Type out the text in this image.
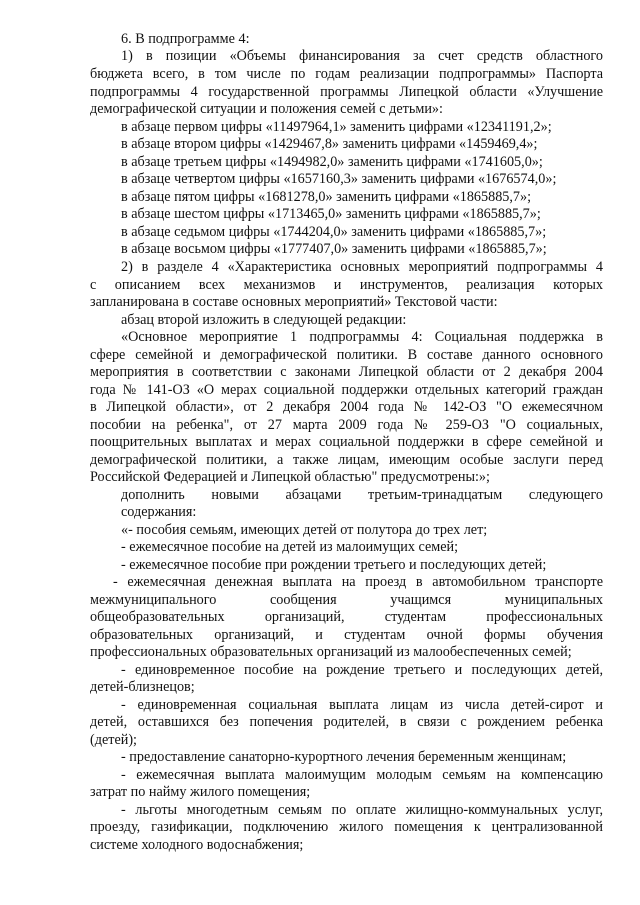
6. В подпрограмме 4:
1) в позиции «Объемы финансирования за счет средств областного
бюджета всего, в том числе по годам реализации подпрограммы» Паспорта
подпрограммы 4 государственной программы Липецкой области «Улучшение
демографической ситуации и положения семей с детьми»:
в абзаце первом цифры «11497964,1» заменить цифрами «12341191,2»;
в абзаце втором цифры «1429467,8» заменить цифрами «1459469,4»;
в абзаце третьем цифры «1494982,0» заменить цифрами «1741605,0»;
в абзаце четвертом цифры «1657160,3» заменить цифрами «1676574,0»;
в абзаце пятом цифры «1681278,0» заменить цифрами «1865885,7»;
в абзаце шестом цифры «1713465,0» заменить цифрами «1865885,7»;
в абзаце седьмом цифры «1744204,0» заменить цифрами «1865885,7»;
в абзаце восьмом цифры «1777407,0» заменить цифрами «1865885,7»;
2) в разделе 4 «Характеристика основных мероприятий подпрограммы 4
с описанием всех механизмов и инструментов, реализация которых
запланирована в составе основных мероприятий» Текстовой части:
абзац второй изложить в следующей редакции:
«Основное мероприятие 1 подпрограммы 4: Социальная поддержка в
сфере семейной и демографической политики. В составе данного основного
мероприятия в соответствии с законами Липецкой области от 2 декабря 2004
года № 141-ОЗ «О мерах социальной поддержки отдельных категорий граждан
в Липецкой области», от 2 декабря 2004 года № 142-ОЗ "О ежемесячном
пособии на ребенка", от 27 марта 2009 года № 259-ОЗ "О социальных,
поощрительных выплатах и мерах социальной поддержки в сфере семейной и
демографической политики, а также лицам, имеющим особые заслуги перед
Российской Федерацией и Липецкой областью" предусмотрены:»;
дополнить новыми абзацами третьим-тринадцатым следующего
содержания:
«- пособия семьям, имеющих детей от полутора до трех лет;
- ежемесячное пособие на детей из малоимущих семей;
- ежемесячное пособие при рождении третьего и последующих детей;
- ежемесячная денежная выплата на проезд в автомобильном транспорте
межмуниципального сообщения учащимся муниципальных
общеобразовательных организаций, студентам профессиональных
образовательных организаций, и студентам очной формы обучения
профессиональных образовательных организаций из малообеспеченных семей;
- единовременное пособие на рождение третьего и последующих детей,
детей-близнецов;
- единовременная социальная выплата лицам из числа детей-сирот и
детей, оставшихся без попечения родителей, в связи с рождением ребенка
(детей);
- предоставление санаторно-курортного лечения беременным женщинам;
- ежемесячная выплата малоимущим молодым семьям на компенсацию
затрат по найму жилого помещения;
- льготы многодетным семьям по оплате жилищно-коммунальных услуг,
проезду, газификации, подключению жилого помещения к централизованной
системе холодного водоснабжения;
